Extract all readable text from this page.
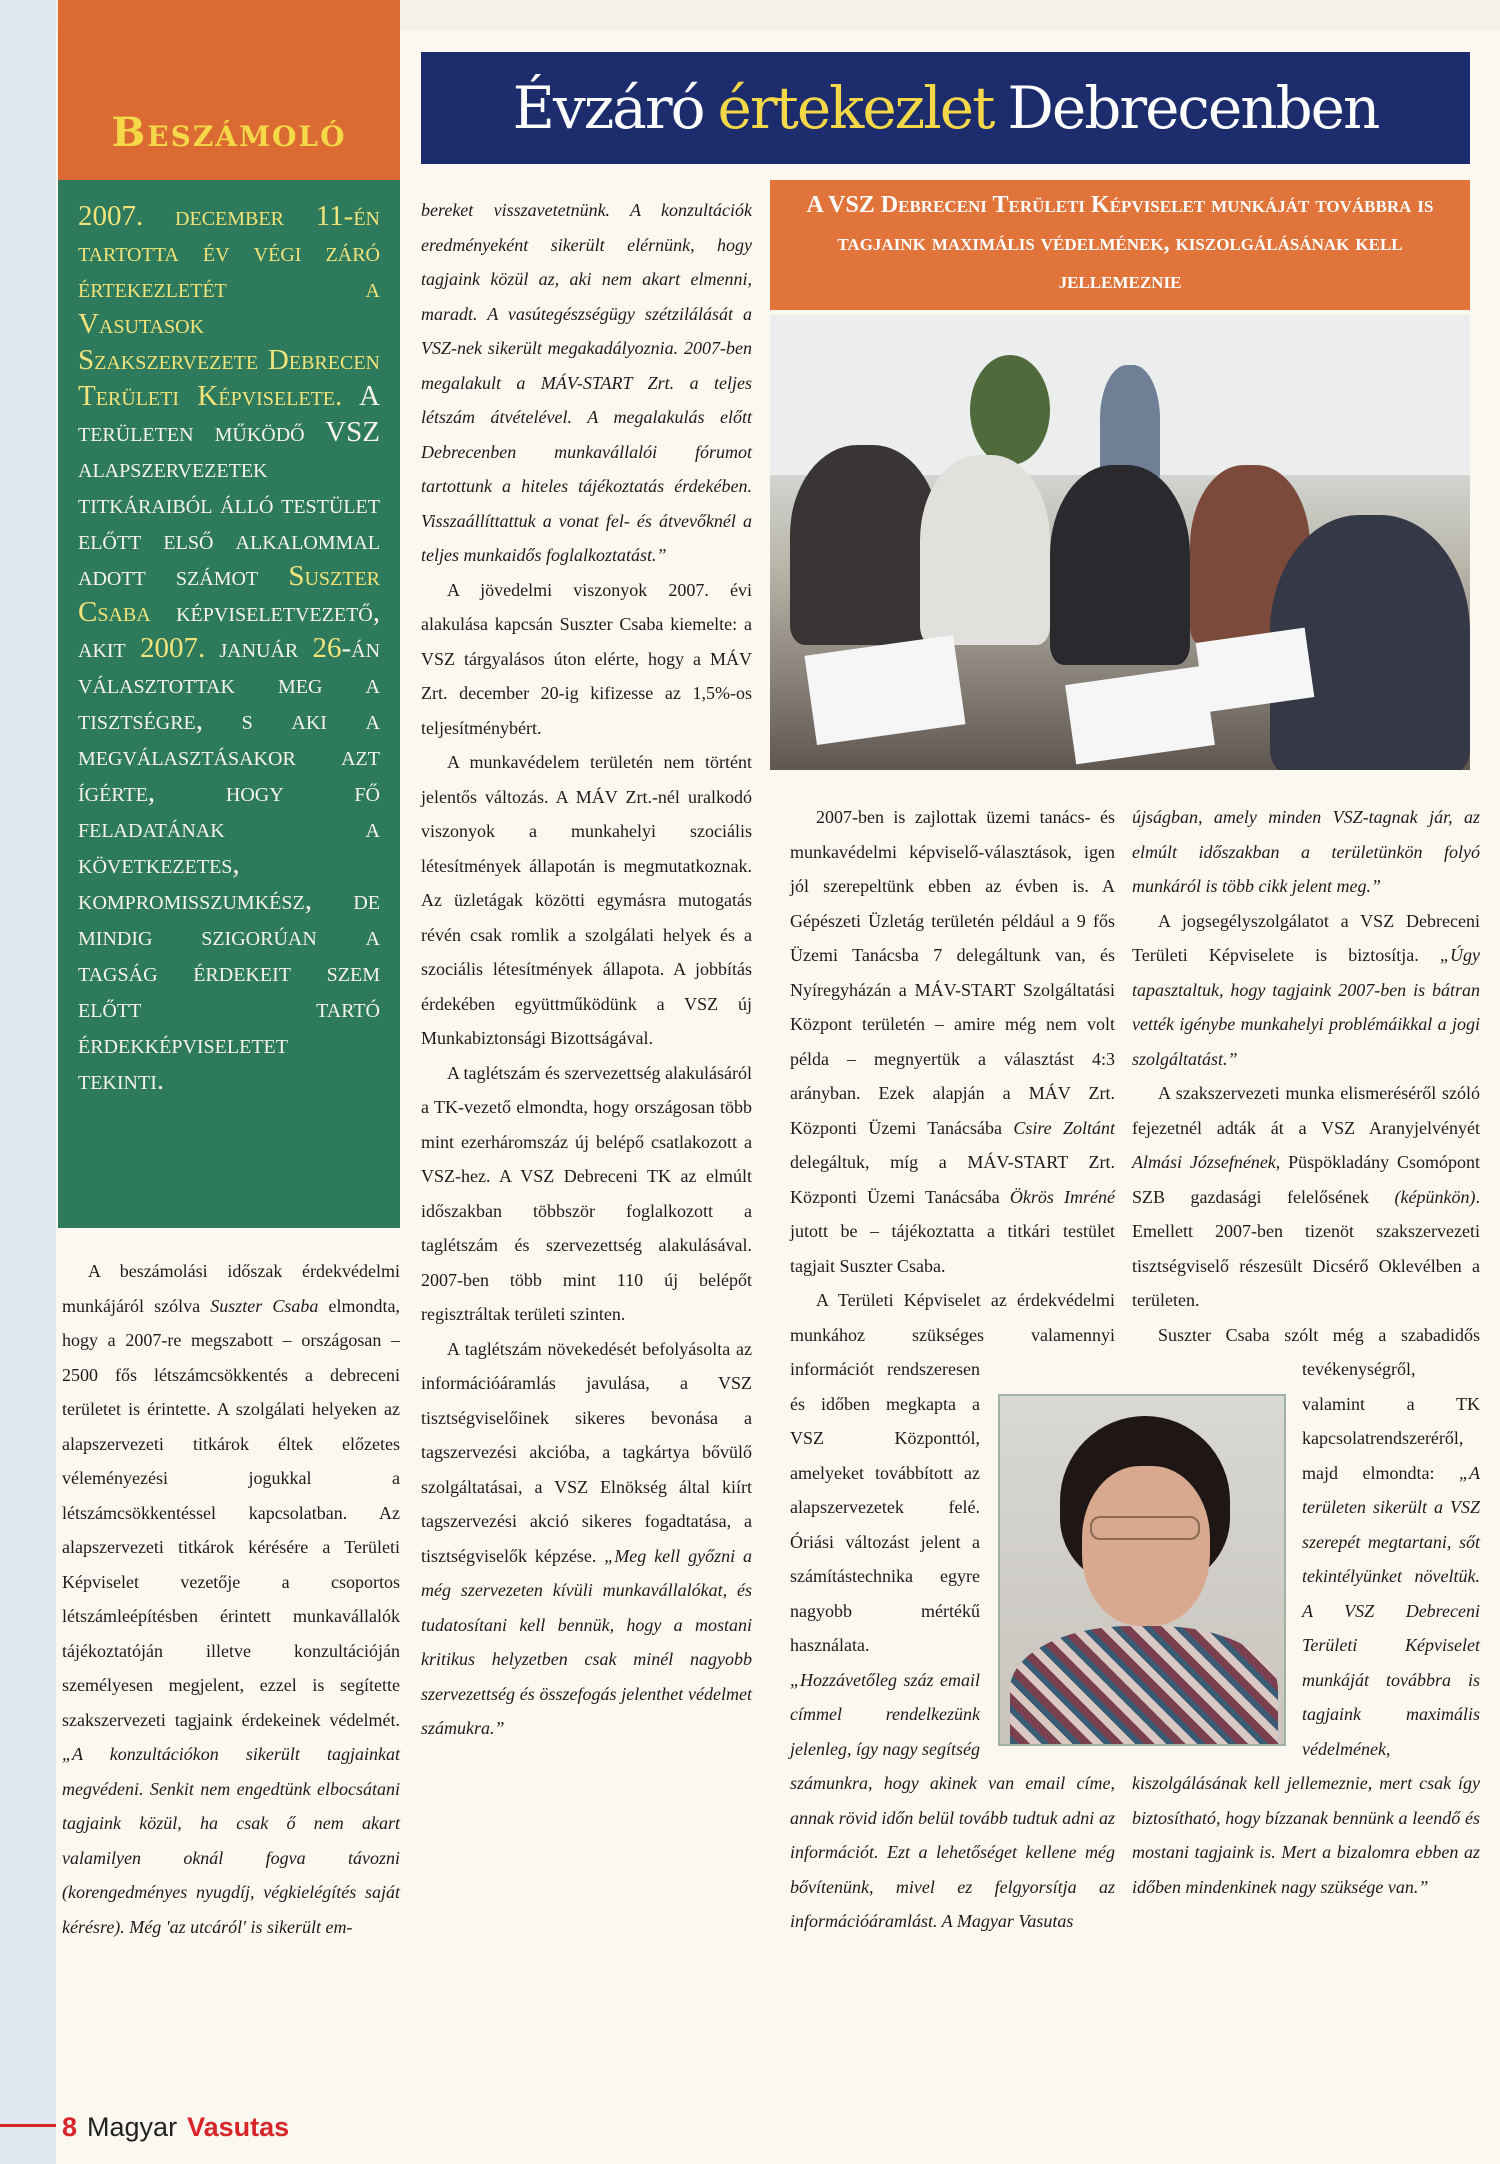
Beszámoló
2007. december 11-én tartotta év végi záró értekezletét a Vasutasok Szakszervezete Debrecen Területi Képviselete. A területen működő VSZ alapszervezetek titkáraiból álló testület előtt első alkalommal adott számot Suszter Csaba képviseletvezető, akit 2007. január 26-án választottak meg a tisztségre, s aki a megválasztásakor azt ígérte, hogy fő feladatának a következetes, kompromisszumkész, de mindig szigorúan a tagság érdekeit szem előtt tartó érdekképviseletet tekinti.
Évzáró értekezlet Debrecenben
A VSZ Debreceni Területi Képviselet munkáját továbbra is tagjaink maximális védelmének, kiszolgálásának kell jellemeznie

A beszámolási időszak érdekvédelmi munkájáról szólva Suszter Csaba elmondta, hogy a 2007-re megszabott – országosan – 2500 fős létszámcsökkentés a debreceni területet is érintette. A szolgálati helyeken az alapszervezeti titkárok éltek előzetes véleményezési jogukkal a létszámcsökkentéssel kapcsolatban. Az alapszervezeti titkárok kérésére a Területi Képviselet vezetője a csoportos létszámleépítésben érintett munkavállalók tájékoztatóján illetve konzultációján személyesen megjelent, ezzel is segítette szakszervezeti tagjaink érdekeinek védelmét. „A konzultációkon sikerült tagjainkat megvédeni. Senkit nem engedtünk elbocsátani tagjaink közül, ha csak ő nem akart valamilyen oknál fogva távozni (korengedményes nyugdíj, végkielégítés saját kérésre). Még 'az utcáról' is sikerült em-

bereket visszavetetnünk. A konzultációk eredményeként sikerült elérnünk, hogy tagjaink közül az, aki nem akart elmenni, maradt. A vasútegészségügy szétzilálását a VSZ-nek sikerült megakadályoznia. 2007-ben megalakult a MÁV-START Zrt. a teljes létszám átvételével. A megalakulás előtt Debrecenben munkavállalói fórumot tartottunk a hiteles tájékoztatás érdekében. Visszaállíttattuk a vonat fel- és átvevőknél a teljes munkaidős foglalkoztatást.”

A jövedelmi viszonyok 2007. évi alakulása kapcsán Suszter Csaba kiemelte: a VSZ tárgyalásos úton elérte, hogy a MÁV Zrt. december 20-ig kifizesse az 1,5%-os teljesítménybért.

A munkavédelem területén nem történt jelentős változás. A MÁV Zrt.-nél uralkodó viszonyok a munkahelyi szociális létesítmények állapotán is megmutatkoznak. Az üzletágak közötti egymásra mutogatás révén csak romlik a szolgálati helyek és a szociális létesítmények állapota. A jobbítás érdekében együttműködünk a VSZ új Munkabiztonsági Bizottságával.

A taglétszám és szervezettség alakulásáról a TK-vezető elmondta, hogy országosan több mint ezerháromszáz új belépő csatlakozott a VSZ-hez. A VSZ Debreceni TK az elmúlt időszakban többször foglalkozott a taglétszám és szervezettség alakulásával. 2007-ben több mint 110 új belépőt regisztráltak területi szinten.

A taglétszám növekedését befolyásolta az információáramlás javulása, a VSZ tisztségviselőinek sikeres bevonása a tagszervezési akcióba, a tagkártya bővülő szolgáltatásai, a VSZ Elnökség által kiírt tagszervezési akció sikeres fogadtatása, a tisztségviselők képzése. „Meg kell győzni a még szervezeten kívüli munkavállalókat, és tudatosítani kell bennük, hogy a mostani kritikus helyzetben csak minél nagyobb szervezettség és összefogás jelenthet védelmet számukra.”

2007-ben is zajlottak üzemi tanács- és munkavédelmi képviselő-választások, igen jól szerepeltünk ebben az évben is. A Gépészeti Üzletág területén például a 9 fős Üzemi Tanácsba 7 delegáltunk van, és Nyíregyházán a MÁV-START Szolgáltatási Központ területén – amire még nem volt példa – megnyertük a választást 4:3 arányban. Ezek alapján a MÁV Zrt. Központi Üzemi Tanácsába Csire Zoltánt delegáltuk, míg a MÁV-START Zrt. Központi Üzemi Tanácsába Ökrös Imréné jutott be – tájékoztatta a titkári testület tagjait Suszter Csaba.

A Területi Képviselet az érdekvédelmi munkához szükséges valamennyi információt rendszeresen és időben megkapta a VSZ Központtól, amelyeket továbbított az alapszervezetek felé. Óriási változást jelent a számítástechnika egyre nagyobb mértékű használata. „Hozzávetőleg száz email címmel rendelkezünk jelenleg, így nagy segítség számunkra, hogy akinek van email címe, annak rövid időn belül tovább tudtuk adni az információt. Ezt a lehetőséget kellene még bővítenünk, mivel ez felgyorsítja az információáramlást. A Magyar Vasutas

újságban, amely minden VSZ-tagnak jár, az elmúlt időszakban a területünkön folyó munkáról is több cikk jelent meg.”

A jogsegélyszolgálatot a VSZ Debreceni Területi Képviselete is biztosítja. „Úgy tapasztaltuk, hogy tagjaink 2007-ben is bátran vették igénybe munkahelyi problémáikkal a jogi szolgáltatást.”

A szakszervezeti munka elismeréséről szóló fejezetnél adták át a VSZ Aranyjelvényét Almási Józsefnének, Püspökladány Csomópont SZB gazdasági felelősének (képünkön). Emellett 2007-ben tizenöt szakszervezeti tisztségviselő részesült Dicsérő Oklevélben a területen.

Suszter Csaba szólt még a szabadidős tevékenységről, valamint a TK kapcsolatrendszeréről, majd elmondta: „A területen sikerült a VSZ szerepét megtartani, sőt tekintélyünket növeltük. A VSZ Debreceni Területi Képviselet munkáját továbbra is tagjaink maximális védelmének, kiszolgálásának kell jellemeznie, mert csak így biztosítható, hogy bízzanak bennünk a leendő és mostani tagjaink is. Mert a bizalomra ebben az időben mindenkinek nagy szüksége van.”

8 Magyar Vasutas
